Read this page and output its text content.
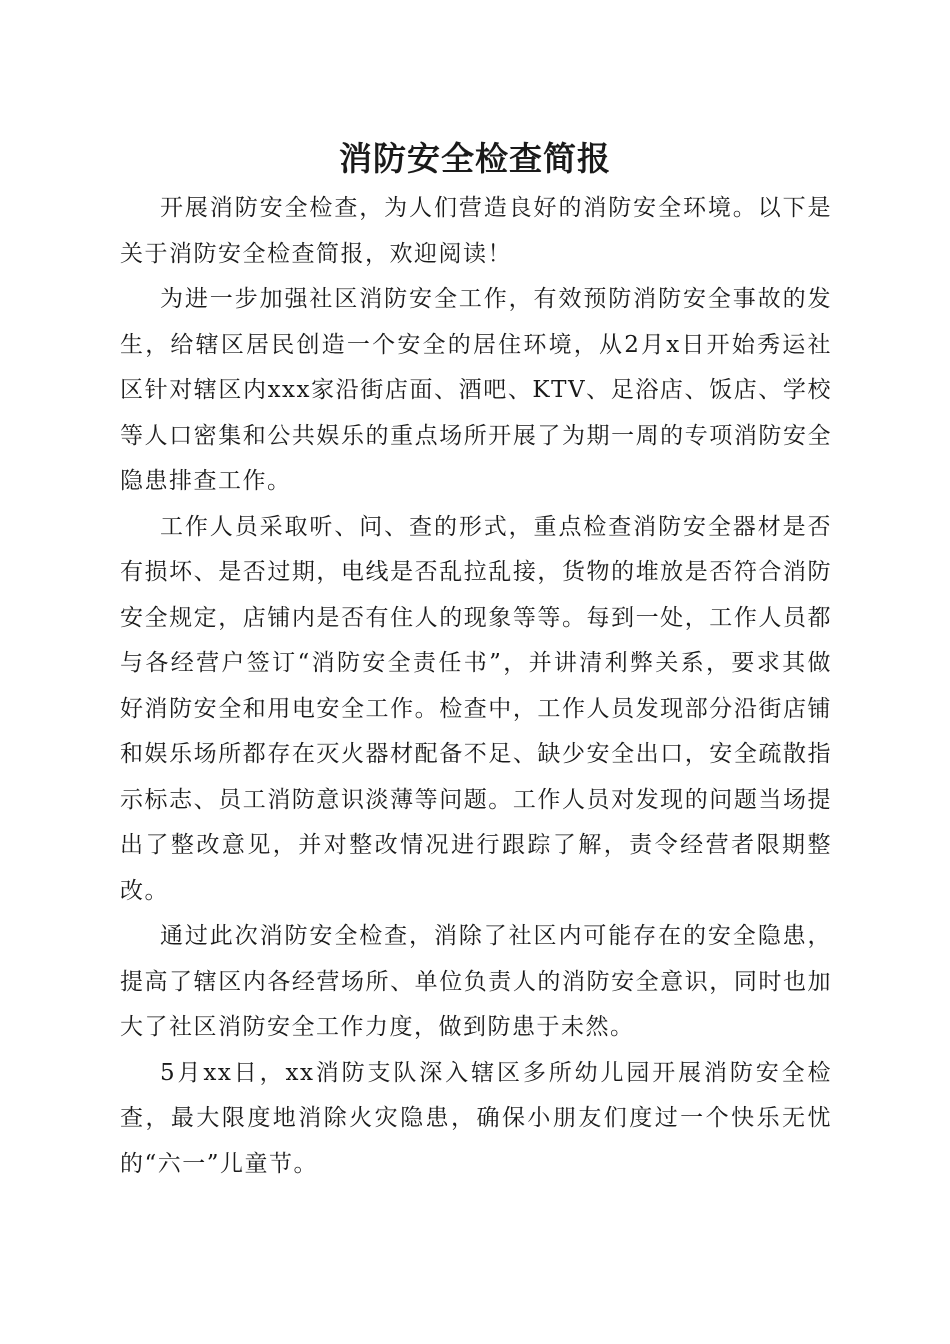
消防安全检查简报

开展消防安全检查，为人们营造良好的消防安全环境。以下是关于消防安全检查简报，欢迎阅读！

为进一步加强社区消防安全工作，有效预防消防安全事故的发生，给辖区居民创造一个安全的居住环境，从2月x日开始秀运社区针对辖区内xxx家沿街店面、酒吧、KTV、足浴店、饭店、学校等人口密集和公共娱乐的重点场所开展了为期一周的专项消防安全隐患排查工作。

工作人员采取听、问、查的形式，重点检查消防安全器材是否有损坏、是否过期，电线是否乱拉乱接，货物的堆放是否符合消防安全规定，店铺内是否有住人的现象等等。每到一处，工作人员都与各经营户签订“消防安全责任书”，并讲清利弊关系，要求其做好消防安全和用电安全工作。检查中，工作人员发现部分沿街店铺和娱乐场所都存在灭火器材配备不足、缺少安全出口，安全疏散指示标志、员工消防意识淡薄等问题。工作人员对发现的问题当场提出了整改意见，并对整改情况进行跟踪了解，责令经营者限期整改。

通过此次消防安全检查，消除了社区内可能存在的安全隐患，提高了辖区内各经营场所、单位负责人的消防安全意识，同时也加大了社区消防安全工作力度，做到防患于未然。

5月xx日，xx消防支队深入辖区多所幼儿园开展消防安全检查，最大限度地消除火灾隐患，确保小朋友们度过一个快乐无忧的“六一”儿童节。
